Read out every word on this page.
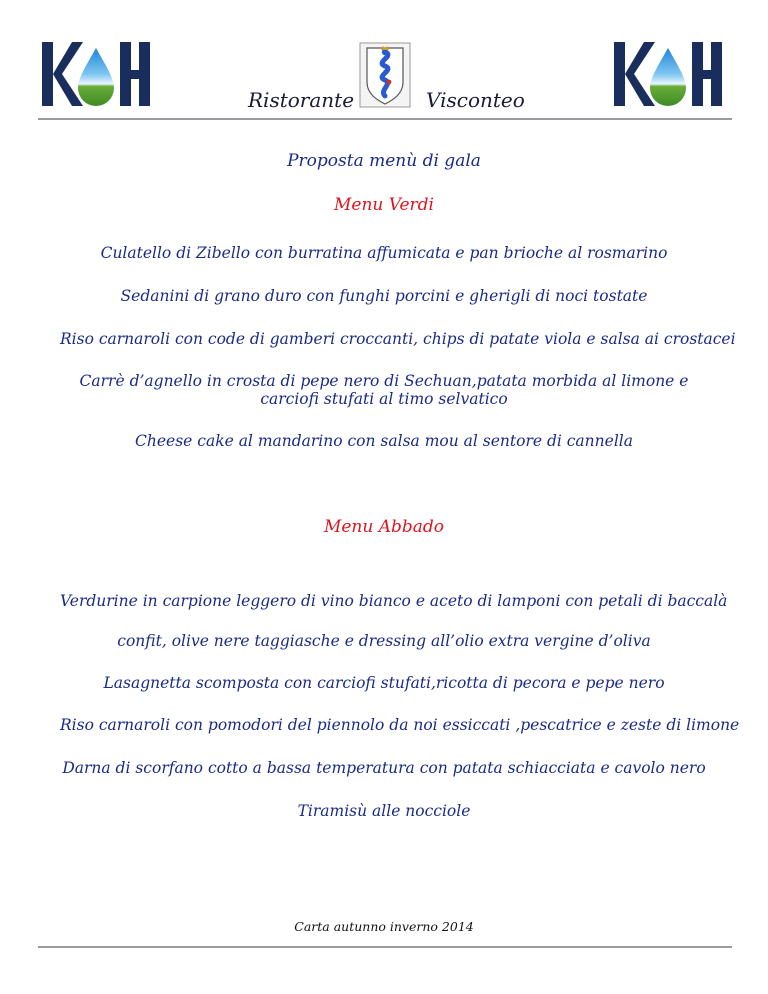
Ristorante	Visconteo
Proposta menù di gala
Menu Verdi
Culatello di Zibello con burratina affumicata e pan brioche al rosmarino
Sedanini di grano duro con funghi porcini e gherigli di noci tostate
Riso carnaroli con code di gamberi croccanti, chips di patate viola e salsa ai crostacei
Carrè d’agnello in crosta di pepe nero di Sechuan,patata morbida al limone e carciofi stufati al timo selvatico
Cheese cake al mandarino con salsa mou al sentore di cannella
Menu Abbado
Verdurine in carpione leggero di vino bianco e aceto di lamponi con petali di baccalà
confit, olive nere taggiasche e dressing all’olio extra vergine d’oliva
Lasagnetta scomposta con carciofi stufati,ricotta di pecora e pepe nero
Riso carnaroli con pomodori del piennolo da noi essiccati ,pescatrice e zeste di limone
Darna di scorfano cotto a bassa temperatura con patata schiacciata e cavolo nero
Tiramisù alle nocciole
Carta autunno inverno 2014
